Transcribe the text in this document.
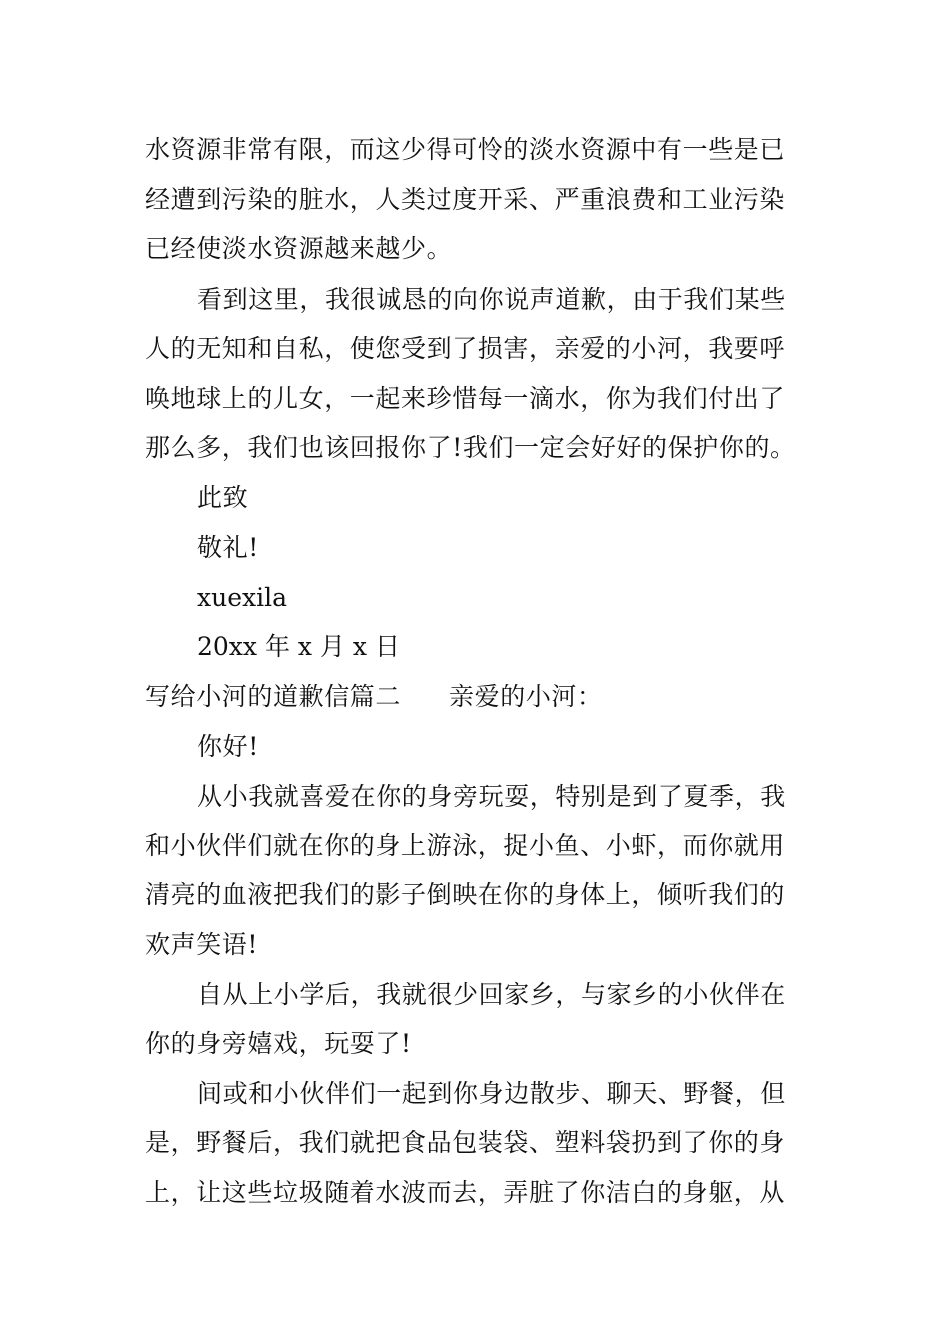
水资源非常有限，而这少得可怜的淡水资源中有一些是已
经遭到污染的脏水，人类过度开采、严重浪费和工业污染
已经使淡水资源越来越少。
看到这里，我很诚恳的向你说声道歉，由于我们某些
人的无知和自私，使您受到了损害，亲爱的小河，我要呼
唤地球上的儿女，一起来珍惜每一滴水，你为我们付出了
那么多，我们也该回报你了!我们一定会好好的保护你的。
此致
敬礼!
xuexila
20xx 年 x 月 x 日
写给小河的道歉信篇二 亲爱的小河：
你好!
从小我就喜爱在你的身旁玩耍，特别是到了夏季，我
和小伙伴们就在你的身上游泳，捉小鱼、小虾，而你就用
清亮的血液把我们的影子倒映在你的身体上，倾听我们的
欢声笑语!
自从上小学后，我就很少回家乡，与家乡的小伙伴在
你的身旁嬉戏，玩耍了!
间或和小伙伴们一起到你身边散步、聊天、野餐，但
是，野餐后，我们就把食品包装袋、塑料袋扔到了你的身
上，让这些垃圾随着水波而去，弄脏了你洁白的身躯，从
